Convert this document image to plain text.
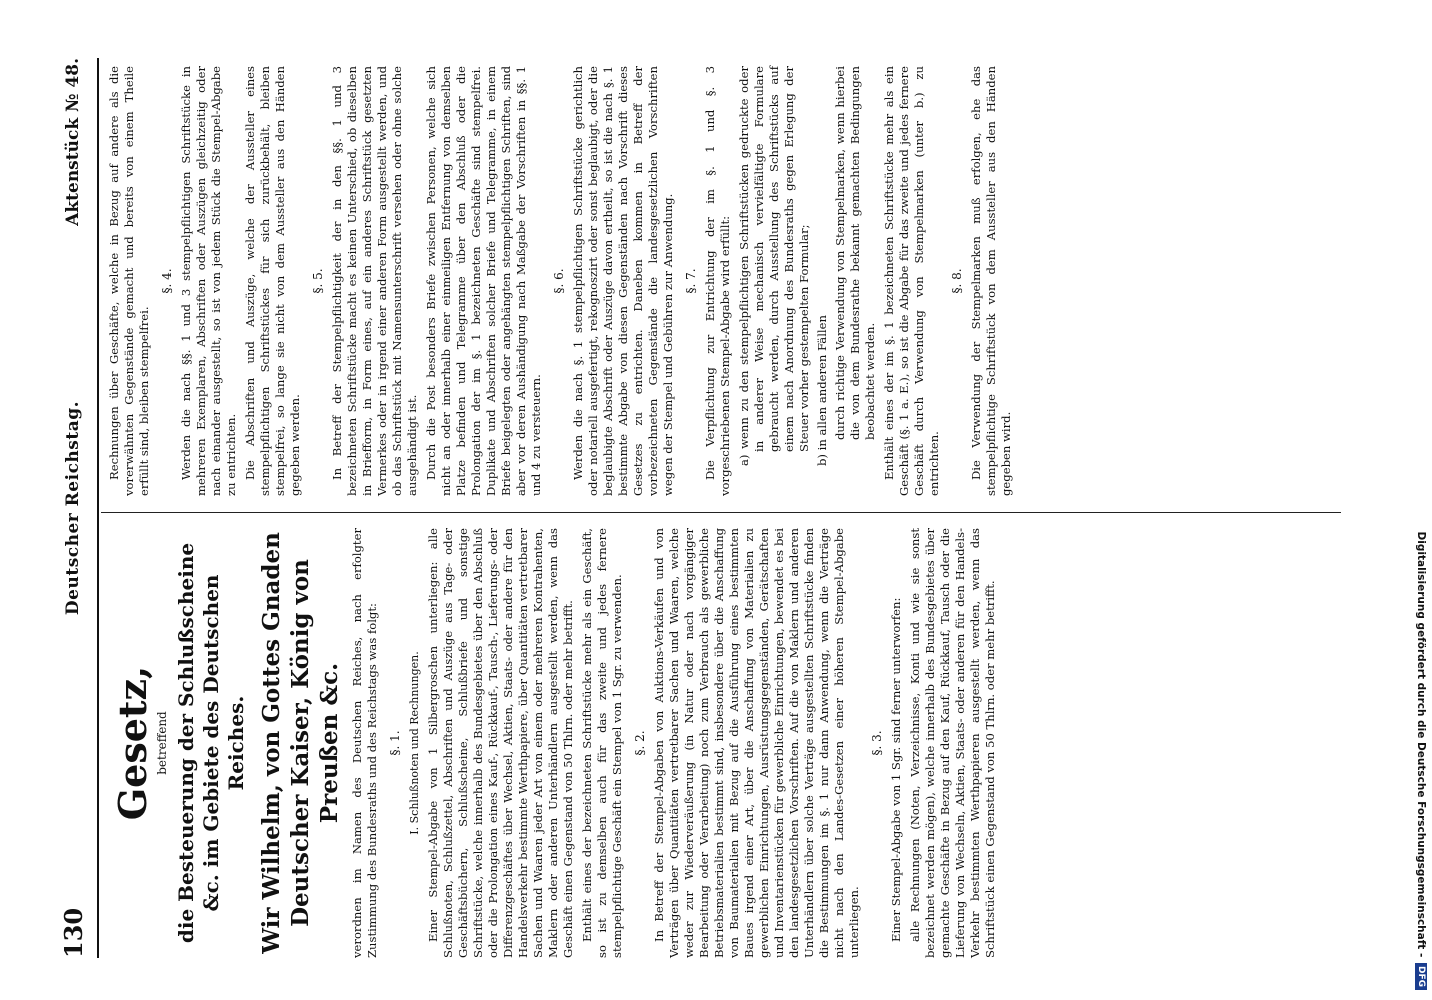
130
Deutscher Reichstag.
Aktenstück № 48.
Gesetz, betreffend die Besteuerung der Schlußscheine &c. im Gebiete des Deutschen Reiches. Wir Wilhelm, von Gottes Gnaden Deutscher Kaiser, König von Preußen &c. verordnen im Namen des Deutschen Reiches, nach erfolgter Zustimmung des Bundesraths und des Reichstags was folgt: §. 1. I. Schlußnoten und Rechnungen. Einer Stempel-Abgabe von 1 Silbergroschen unterliegen: alle Schlußnoten, Schlußzettel, Abschriften und Auszüge aus Tage- oder Geschäftsbüchern, Schlußscheine, Schlußbriefe und sonstige Schriftstücke, welche innerhalb des Bundesgebietes über den Abschluß oder die Prolongation eines Kauf-, Rückkauf-, Tausch-, Lieferungs- oder Differenzgeschäftes über Wechsel, Aktien, Staats- oder andere für den Handelsverkehr bestimmte Werthpapiere, über Quantitäten vertretbarer Sachen und Waaren jeder Art von einem oder mehreren Kontrahenten, Maklern oder anderen Unterhändlern ausgestellt werden, wenn das Geschäft einen Gegenstand von 50 Thlrn. oder mehr betrifft. Enthält eines der bezeichneten Schriftstücke mehr als ein Geschäft, so ist zu demselben auch für das zweite und jedes fernere stempelpflichtige Geschäft ein Stempel von 1 Sgr. zu verwenden. §. 2. In Betreff der Stempel-Abgaben von Auktions-Verkäufen und von Verträgen über Quantitäten vertretbarer Sachen und Waaren, welche weder zur Wiederveräußerung (in Natur oder nach vorgängiger Bearbeitung oder Verarbeitung) noch zum Verbrauch als gewerbliche Betriebsmaterialien bestimmt sind, insbesondere über die Anschaffung von Baumaterialien mit Bezug auf die Ausführung eines bestimmten Baues irgend einer Art, über die Anschaffung von Materialien zu gewerblichen Einrichtungen, Ausrüstungsgegenständen, Gerätschaften und Inventarienstücken für gewerbliche Einrichtungen, bewendet es bei den landesgesetzlichen Vorschriften. Auf die von Maklern und anderen Unterhändlern über solche Verträge ausgestellten Schriftstücke finden die Bestimmungen im §. 1 nur dann Anwendung, wenn die Verträge nicht nach den Landes-Gesetzen einer höheren Stempel-Abgabe unterliegen.

§. 3. Einer Stempel-Abgabe von 1 Sgr. sind ferner unterworfen: alle Rechnungen (Noten, Verzeichnisse, Konti und wie sie sonst bezeichnet werden mögen), welche innerhalb des Bundesgebietes über gemachte Geschäfte in Bezug auf den Kauf, Rückkauf, Tausch oder die Lieferung von Wechseln, Aktien, Staats- oder anderen für den Handels-Verkehr bestimmten Werthpapieren ausgestellt werden, wenn das Schriftstück einen Gegenstand von 50 Thlrn. oder mehr betrifft.

Rechnungen über Geschäfte, welche in Bezug auf andere als die vorerwähnten Gegenstände gemacht und bereits von einem Theile erfüllt sind, bleiben stempelfrei.

§. 4. Werden die nach §§. 1 und 3 stempelpflichtigen Schriftstücke in mehreren Exemplaren, Abschriften oder Auszügen gleichzeitig oder nach einander ausgestellt, so ist von jedem Stück die Stempel-Abgabe zu entrichten. Die Abschriften und Auszüge, welche der Aussteller eines stempelpflichtigen Schriftstückes für sich zurückbehält, bleiben stempelfrei, so lange sie nicht von dem Aussteller aus den Händen gegeben werden.

§. 5. In Betreff der Stempelpflichtigkeit der in den §§. 1 und 3 bezeichneten Schriftstücke macht es keinen Unterschied, ob dieselben in Briefform, in Form eines, auf ein anderes Schriftstück gesetzten Vermerkes oder in irgend einer anderen Form ausgestellt werden, und ob das Schriftstück mit Namensunterschrift versehen oder ohne solche ausgehändigt ist. Durch die Post besonders Briefe zwischen Personen, welche sich nicht an oder innerhalb einer einmeiligen Entfernung von demselben Platze befinden und Telegramme über den Abschluß oder die Prolongation der im §. 1 bezeichneten Geschäfte sind stempelfrei. Duplikate und Abschriften solcher Briefe und Telegramme, in einem Briefe beigelegten oder angehängten stempelpflichtigen Schriften, sind aber vor deren Aushändigung nach Maßgabe der Vorschriften in §§. 1 und 4 zu versteuern.

§. 6. Werden die nach §. 1 stempelpflichtigen Schriftstücke gerichtlich oder notariell ausgefertigt, rekognoszirt oder sonst beglaubigt, oder die beglaubigte Abschrift oder Auszüge davon ertheilt, so ist die nach §. 1 bestimmte Abgabe von diesen Gegenständen nach Vorschrift dieses Gesetzes zu entrichten. Daneben kommen in Betreff der vorbezeichneten Gegenstände die landesgesetzlichen Vorschriften wegen der Stempel und Gebühren zur Anwendung. §. 7. Die Verpflichtung zur Entrichtung der im §. 1 und §. 3 vorgeschriebenen Stempel-Abgabe wird erfüllt: a) wenn zu den stempelpflichtigen Schriftstücken gedruckte oder in anderer Weise mechanisch vervielfältigte Formulare gebraucht werden, durch Ausstellung des Schriftstücks auf einem nach Anordnung des Bundesraths gegen Erlegung der Steuer vorher gestempelten Formular; b) in allen anderen Fällen durch richtige Verwendung von Stempelmarken, wenn hierbei die von dem Bundesrathe bekannt gemachten Bedingungen beobachtet werden. Enthält eines der im §. 1 bezeichneten Schriftstücke mehr als ein Geschäft (§. 1 a. E.), so ist die Abgabe für das zweite und jedes fernere Geschäft durch Verwendung von Stempelmarken (unter b.) zu entrichten.

§. 8. Die Verwendung der Stempelmarken muß erfolgen, ehe das stempelpflichtige Schriftstück von dem Aussteller aus den Händen gegeben wird.

Digitalisierung gefördert durch die Deutsche Forschungsgemeinschaft - DFG
